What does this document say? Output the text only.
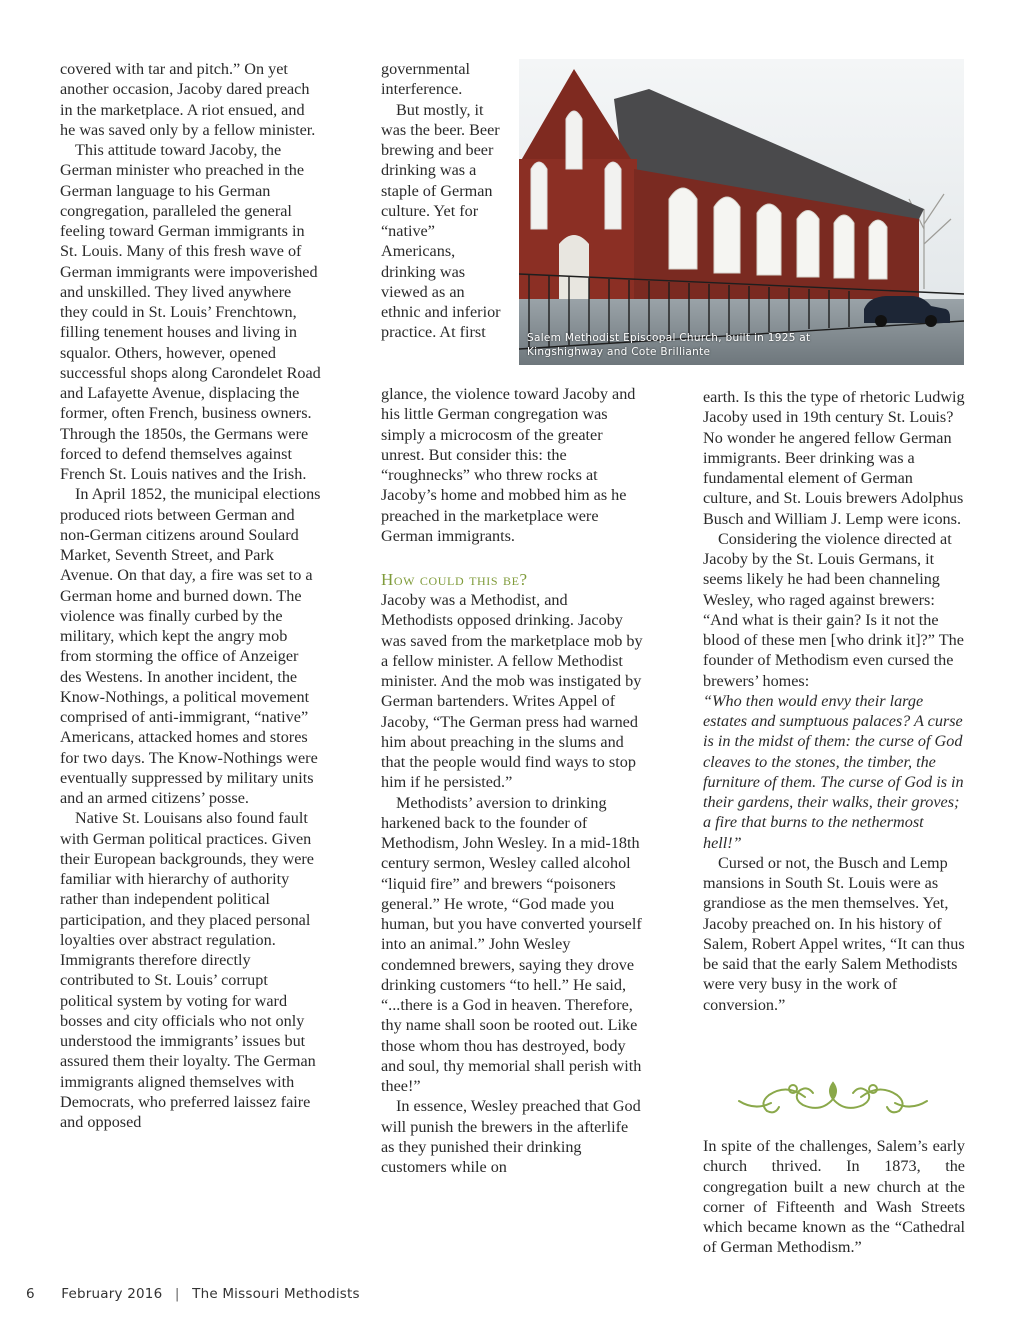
covered with tar and pitch.” On yet another occasion, Jacoby dared preach in the marketplace. A riot ensued, and he was saved only by a fellow minister.

This attitude toward Jacoby, the German minister who preached in the German language to his German congregation, paralleled the general feeling toward German immigrants in St. Louis. Many of this fresh wave of German immigrants were impoverished and unskilled. They lived anywhere they could in St. Louis’ Frenchtown, filling tenement houses and living in squalor. Others, however, opened successful shops along Carondelet Road and Lafayette Avenue, displacing the former, often French, business owners. Through the 1850s, the Germans were forced to defend themselves against French St. Louis natives and the Irish.

In April 1852, the municipal elections produced riots between German and non-German citizens around Soulard Market, Seventh Street, and Park Avenue. On that day, a fire was set to a German home and burned down. The violence was finally curbed by the military, which kept the angry mob from storming the office of Anzeiger des Westens. In another incident, the Know-Nothings, a political movement comprised of anti-immigrant, “native” Americans, attacked homes and stores for two days. The Know-Nothings were eventually suppressed by military units and an armed citizens’ posse.

Native St. Louisans also found fault with German political practices. Given their European backgrounds, they were familiar with hierarchy of authority rather than independent political participation, and they placed personal loyalties over abstract regulation. Immigrants therefore directly contributed to St. Louis’ corrupt political system by voting for ward bosses and city officials who not only understood the immigrants’ issues but assured them their loyalty. The German immigrants aligned themselves with Democrats, who preferred laissez faire and opposed

governmental interference.

But mostly, it was the beer. Beer brewing and beer drinking was a staple of German culture. Yet for “native” Americans, drinking was viewed as an ethnic and inferior practice. At first	Salem Methodist Episcopal Church, built in 1925 at Kingshighway and Cote Brilliante

glance, the violence toward Jacoby and his little German congregation was simply a microcosm of the greater unrest. But consider this: the “roughnecks” who threw rocks at Jacoby’s home and mobbed him as he preached in the marketplace were German immigrants.

How could this be?

Jacoby was a Methodist, and Methodists opposed drinking. Jacoby was saved from the marketplace mob by a fellow minister. A fellow Methodist minister. And the mob was instigated by German bartenders. Writes Appel of Jacoby, “The German press had warned him about preaching in the slums and that the people would find ways to stop him if he persisted.”

Methodists’ aversion to drinking harkened back to the founder of Methodism, John Wesley. In a mid-18th century sermon, Wesley called alcohol “liquid fire” and brewers “poisoners general.” He wrote, “God made you human, but you have converted yourself into an animal.” John Wesley condemned brewers, saying they drove drinking customers “to hell.” He said, “...there is a God in heaven. Therefore, thy name shall soon be rooted out. Like those whom thou has destroyed, body and soul, thy memorial shall perish with thee!”

In essence, Wesley preached that God will punish the brewers in the afterlife as they punished their drinking customers while on

earth. Is this the type of rhetoric Ludwig Jacoby used in 19th century St. Louis? No wonder he angered fellow German immigrants. Beer drinking was a fundamental element of German culture, and St. Louis brewers Adolphus Busch and William J. Lemp were icons.

Considering the violence directed at Jacoby by the St. Louis Germans, it seems likely he had been channeling Wesley, who raged against brewers: “And what is their gain? Is it not the blood of these men [who drink it]?” The founder of Methodism even cursed the brewers’ homes:

“Who then would envy their large estates and sumptuous palaces? A curse is in the midst of them: the curse of God cleaves to the stones, the timber, the furniture of them. The curse of God is in their gardens, their walks, their groves; a fire that burns to the nethermost hell!”

Cursed or not, the Busch and Lemp mansions in South St. Louis were as grandiose as the men themselves. Yet, Jacoby preached on. In his history of Salem, Robert Appel writes, “It can thus be said that the early Salem Methodists were very busy in the work of conversion.”

In spite of the challenges, Salem’s early church thrived. In 1873, the congregation built a new church at the corner of Fifteenth and Wash Streets which became known as the “Cathedral of German Methodism.”

6 February 2016 | The Missouri Methodists
